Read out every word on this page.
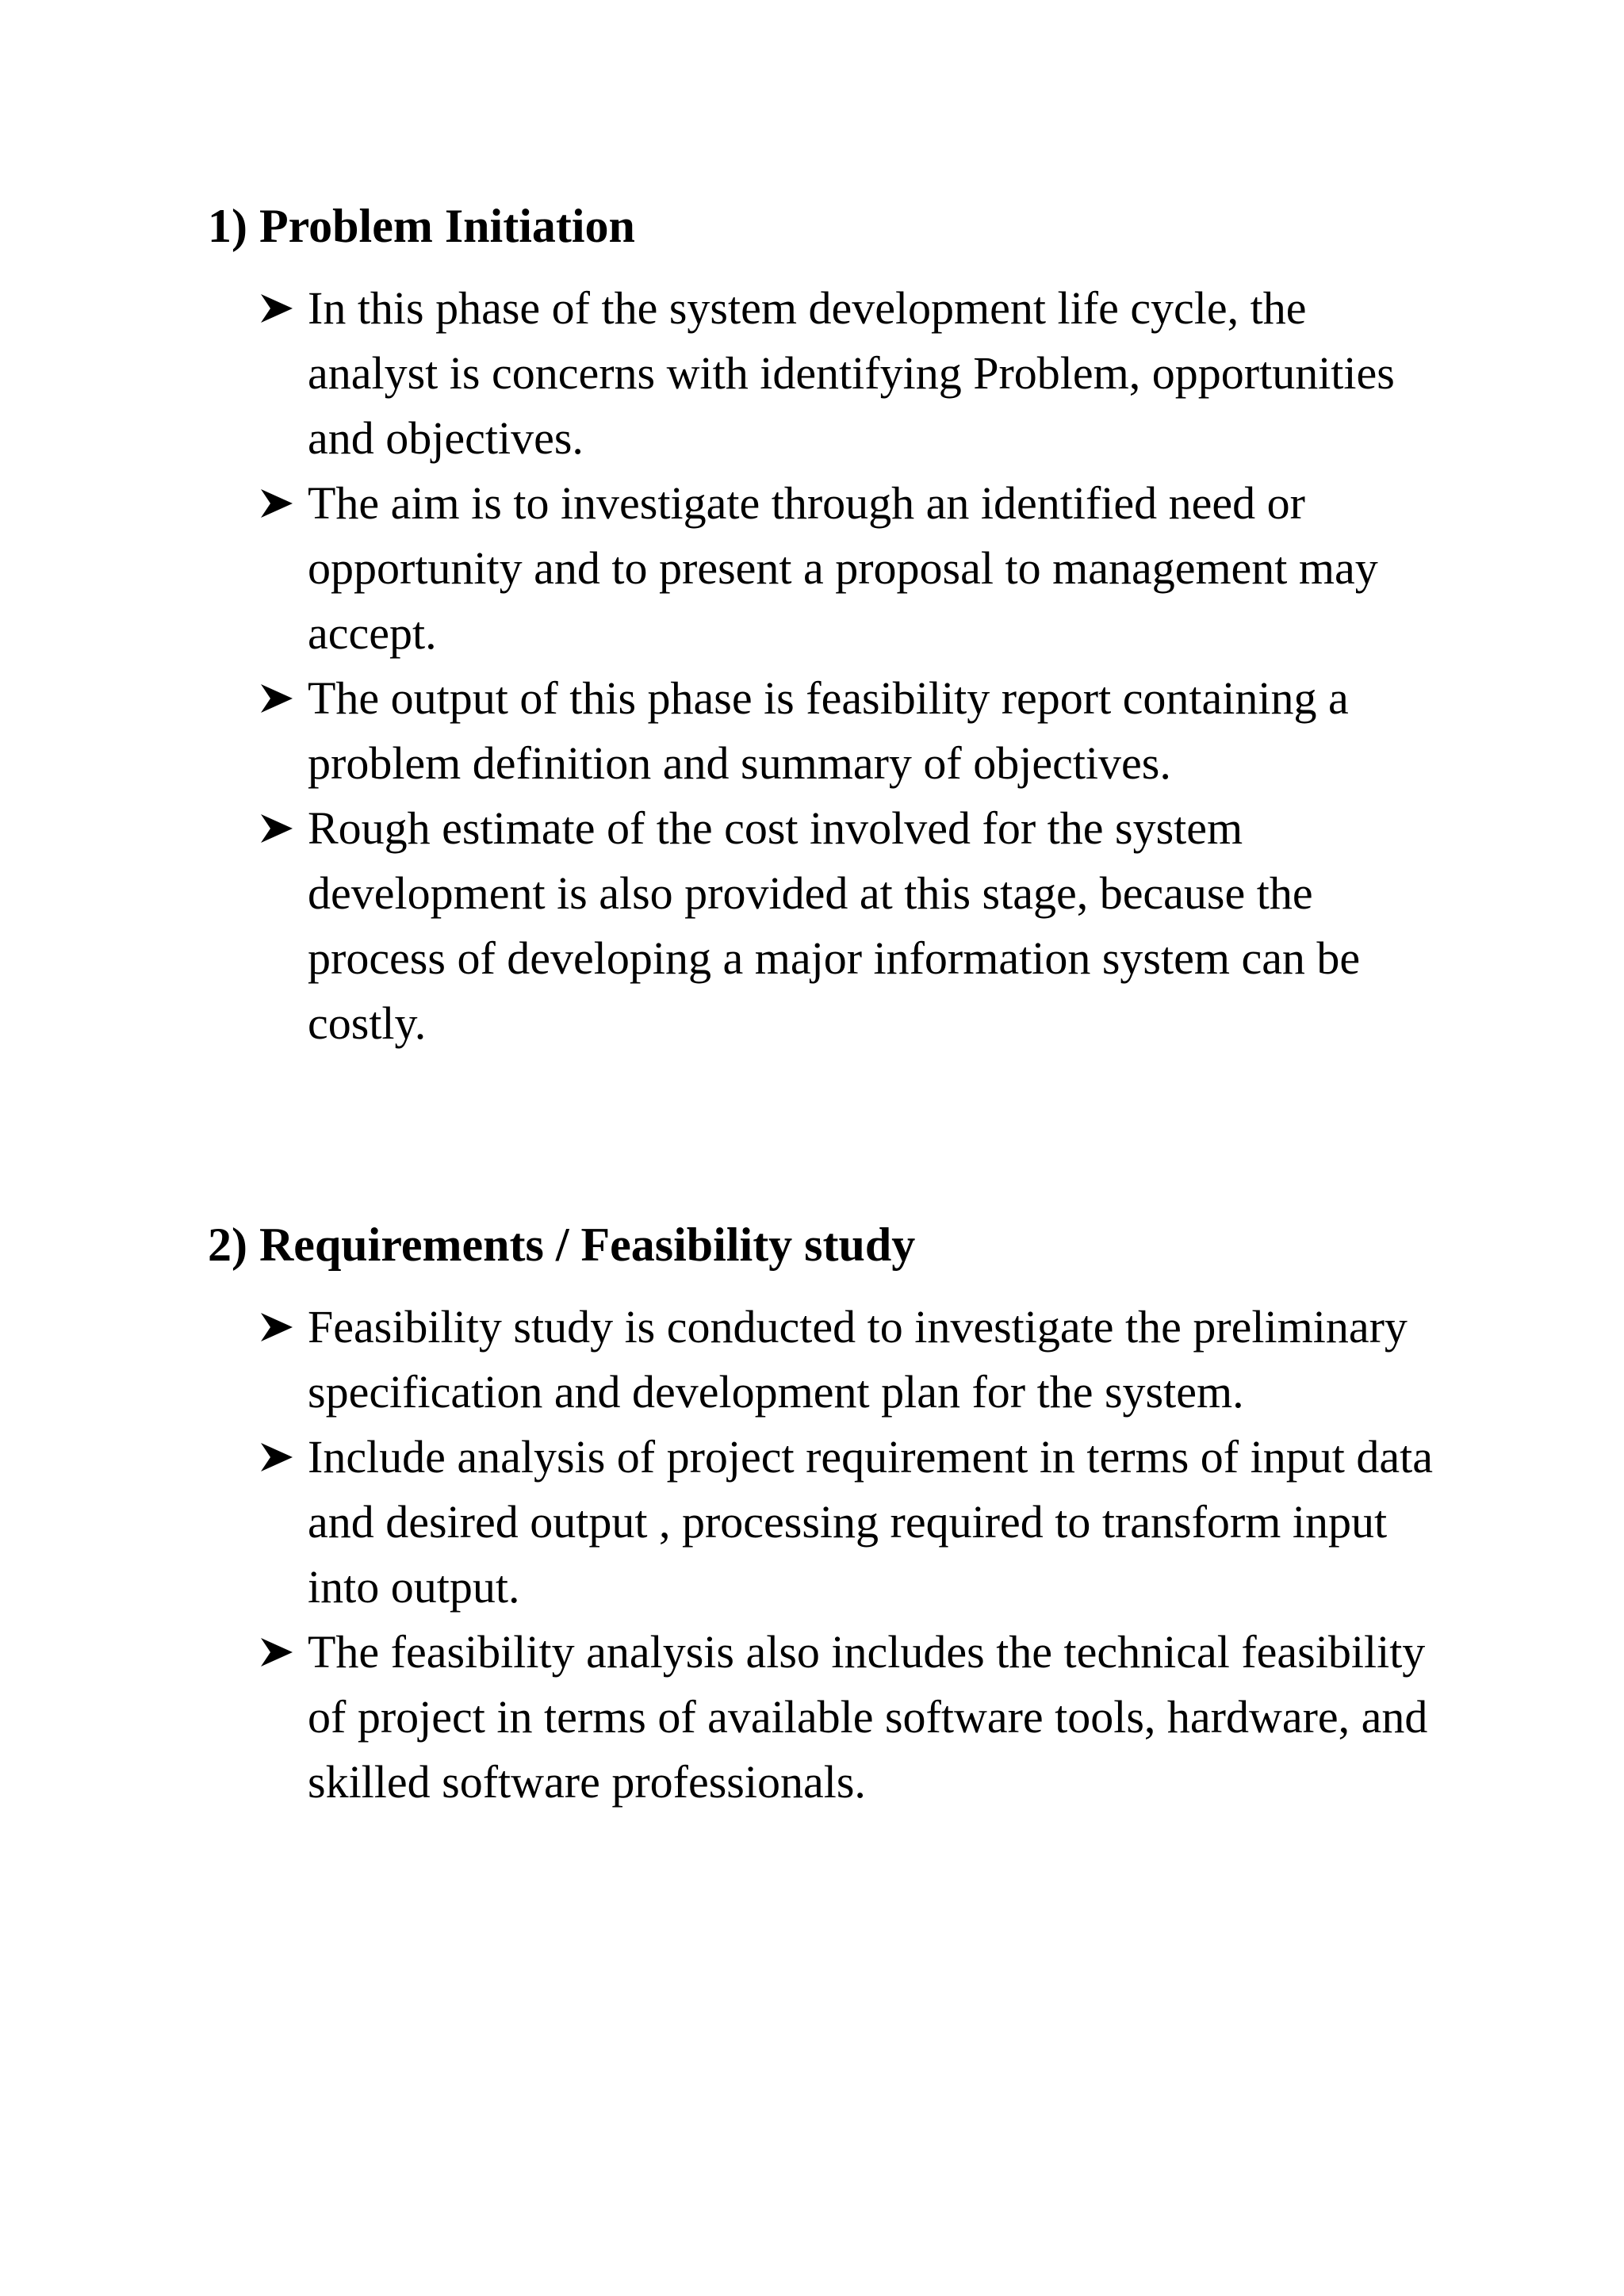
1) Problem Initiation
In this phase of the system development life cycle, the analyst is concerns with identifying Problem, opportunities and objectives.
The aim is to investigate through an identified need or opportunity and to present a proposal to management may accept.
The output of this phase is feasibility report containing a problem definition and summary of objectives.
Rough estimate of the cost involved for the system development is also provided at this stage, because the process of developing a major information system can be costly.
2) Requirements / Feasibility study
Feasibility study is conducted to investigate the preliminary specification and development plan for the system.
Include analysis of project requirement in terms of input data and desired output , processing required to transform input into output.
The feasibility analysis also includes the technical feasibility of project in terms of available software tools, hardware, and skilled software professionals.
